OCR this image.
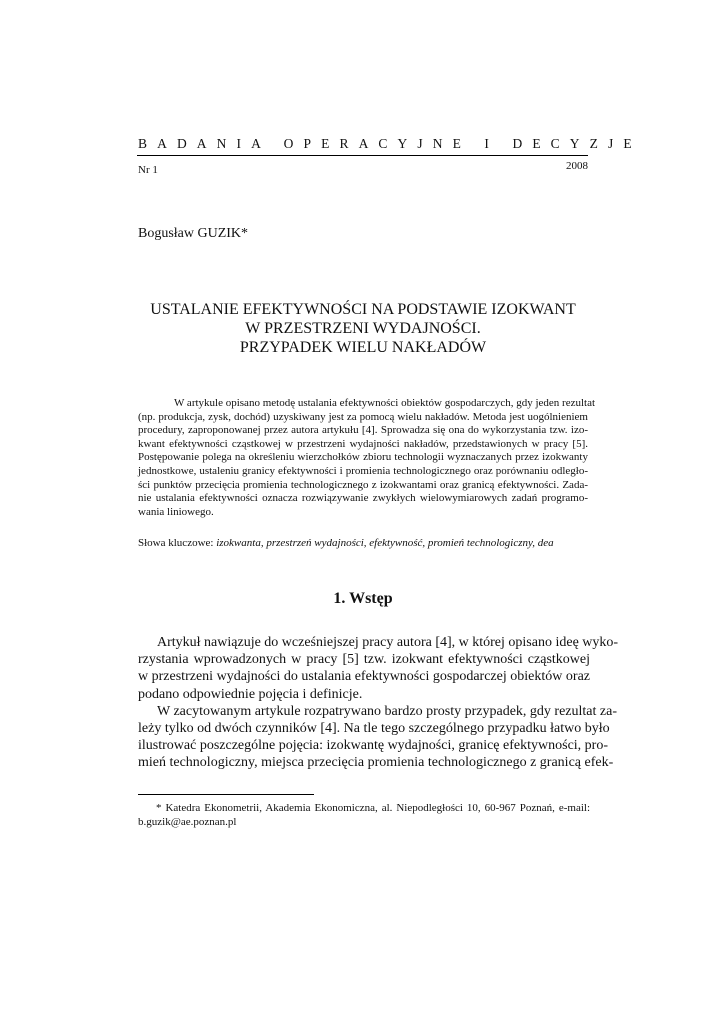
BADANIA OPERACYJNE I DECYZJE
Nr 1	2008
Bogusław GUZIK*
USTALANIE EFEKTYWNOŚCI NA PODSTAWIE IZOKWANT
W PRZESTRZENI WYDAJNOŚCI.
PRZYPADEK WIELU NAKŁADÓW
W artykule opisano metodę ustalania efektywności obiektów gospodarczych, gdy jeden rezultat
(np. produkcja, zysk, dochód) uzyskiwany jest za pomocą wielu nakładów. Metoda jest uogólnieniem
procedury, zaproponowanej przez autora artykułu [4]. Sprowadza się ona do wykorzystania tzw. izo-
kwant efektywności cząstkowej w przestrzeni wydajności nakładów, przedstawionych w pracy [5].
Postępowanie polega na określeniu wierzchołków zbioru technologii wyznaczanych przez izokwanty
jednostkowe, ustaleniu granicy efektywności i promienia technologicznego oraz porównaniu odległo-
ści punktów przecięcia promienia technologicznego z izokwantami oraz granicą efektywności. Zada-
nie ustalania efektywności oznacza rozwiązywanie zwykłych wielowymiarowych zadań programo-
wania liniowego.
Słowa kluczowe: izokwanta, przestrzeń wydajności, efektywność, promień technologiczny, dea
1. Wstęp
Artykuł nawiązuje do wcześniejszej pracy autora [4], w której opisano ideę wyko-
rzystania wprowadzonych w pracy [5] tzw. izokwant efektywności cząstkowej
w przestrzeni wydajności do ustalania efektywności gospodarczej obiektów oraz
podano odpowiednie pojęcia i definicje.
W zacytowanym artykule rozpatrywano bardzo prosty przypadek, gdy rezultat za-
leży tylko od dwóch czynników [4]. Na tle tego szczególnego przypadku łatwo było
ilustrować poszczególne pojęcia: izokwantę wydajności, granicę efektywności, pro-
mień technologiczny, miejsca przecięcia promienia technologicznego z granicą efek-
* Katedra Ekonometrii, Akademia Ekonomiczna, al. Niepodległości 10, 60-967 Poznań, e-mail:
b.guzik@ae.poznan.pl
